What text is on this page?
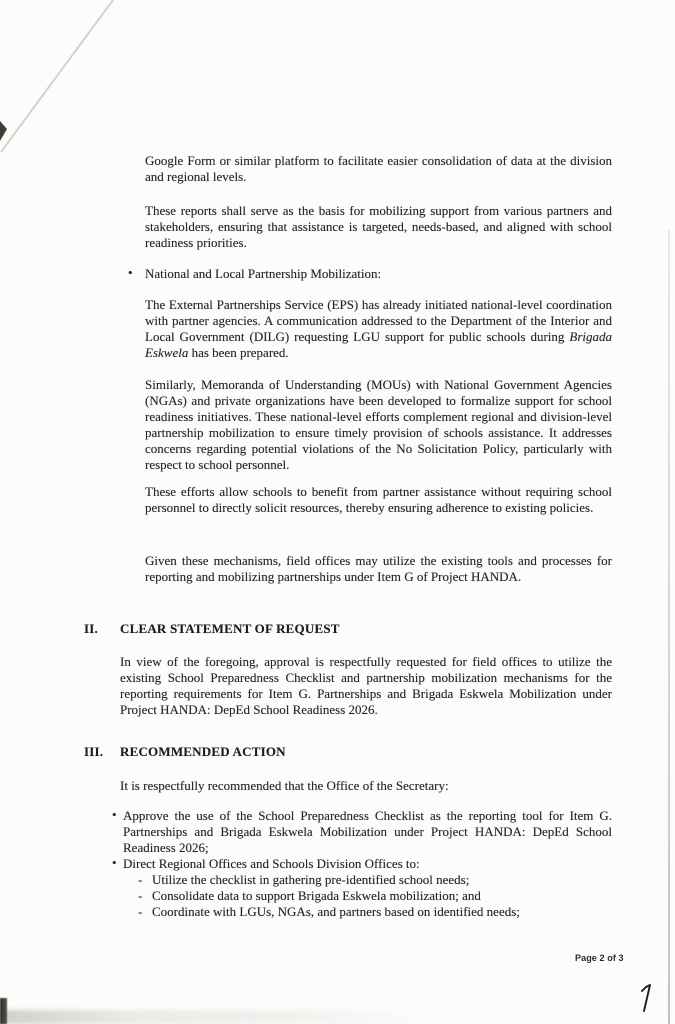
Google Form or similar platform to facilitate easier consolidation of data at the division and regional levels.

These reports shall serve as the basis for mobilizing support from various partners and stakeholders, ensuring that assistance is targeted, needs-based, and aligned with school readiness priorities.

• National and Local Partnership Mobilization:

The External Partnerships Service (EPS) has already initiated national-level coordination with partner agencies. A communication addressed to the Department of the Interior and Local Government (DILG) requesting LGU support for public schools during Brigada Eskwela has been prepared.

Similarly, Memoranda of Understanding (MOUs) with National Government Agencies (NGAs) and private organizations have been developed to formalize support for school readiness initiatives. These national-level efforts complement regional and division-level partnership mobilization to ensure timely provision of schools assistance. It addresses concerns regarding potential violations of the No Solicitation Policy, particularly with respect to school personnel.

These efforts allow schools to benefit from partner assistance without requiring school personnel to directly solicit resources, thereby ensuring adherence to existing policies.

Given these mechanisms, field offices may utilize the existing tools and processes for reporting and mobilizing partnerships under Item G of Project HANDA.

II. CLEAR STATEMENT OF REQUEST

In view of the foregoing, approval is respectfully requested for field offices to utilize the existing School Preparedness Checklist and partnership mobilization mechanisms for the reporting requirements for Item G. Partnerships and Brigada Eskwela Mobilization under Project HANDA: DepEd School Readiness 2026.

III. RECOMMENDED ACTION

It is respectfully recommended that the Office of the Secretary:

• Approve the use of the School Preparedness Checklist as the reporting tool for Item G. Partnerships and Brigada Eskwela Mobilization under Project HANDA: DepEd School Readiness 2026;
• Direct Regional Offices and Schools Division Offices to:
- Utilize the checklist in gathering pre-identified school needs;
- Consolidate data to support Brigada Eskwela mobilization; and
- Coordinate with LGUs, NGAs, and partners based on identified needs;
Page 2 of 3
